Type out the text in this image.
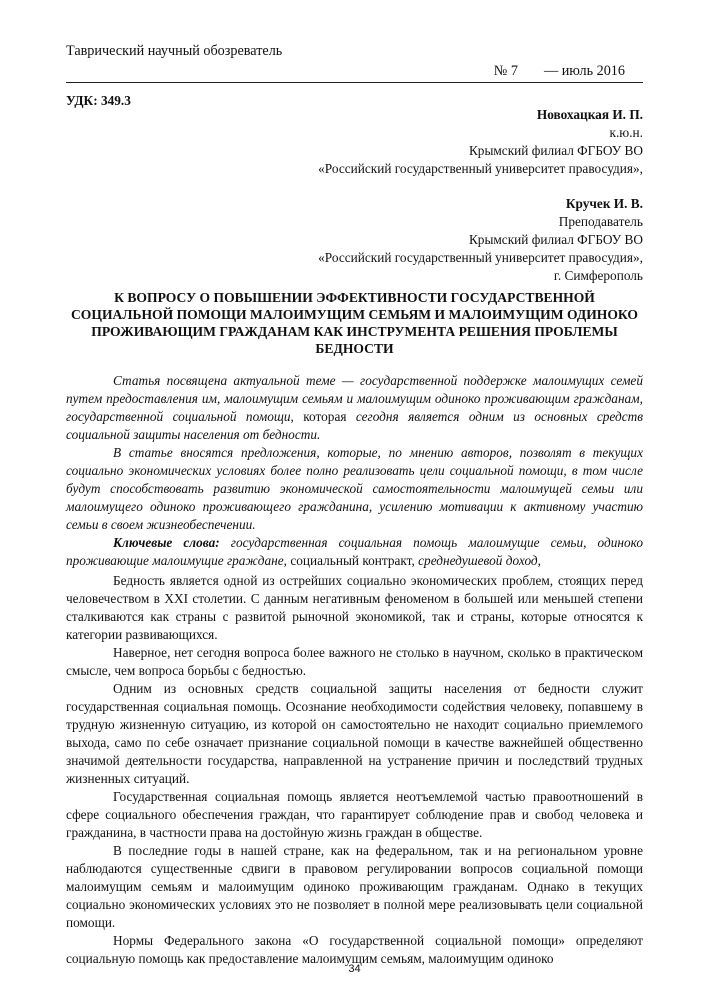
Таврический научный обозреватель
№ 7 — июль 2016
УДК: 349.3
Новохацкая И. П.
к.ю.н.
Крымский филиал ФГБОУ ВО
«Российский государственный университет правосудия»,
Кручек И. В.
Преподаватель
Крымский филиал ФГБОУ ВО
«Российский государственный университет правосудия»,
г. Симферополь
К ВОПРОСУ О ПОВЫШЕНИИ ЭФФЕКТИВНОСТИ ГОСУДАРСТВЕННОЙ СОЦИАЛЬНОЙ ПОМОЩИ МАЛОИМУЩИМ СЕМЬЯМ И МАЛОИМУЩИМ ОДИНОКО ПРОЖИВАЮЩИМ ГРАЖДАНАМ КАК ИНСТРУМЕНТА РЕШЕНИЯ ПРОБЛЕМЫ БЕДНОСТИ

Статья посвящена актуальной теме — государственной поддержке малоимущих семей путем предоставления им, малоимущим семьям и малоимущим одиноко проживающим гражданам, государственной социальной помощи, которая сегодня является одним из основных средств социальной защиты населения от бедности.

В статье вносятся предложения, которые, по мнению авторов, позволят в текущих социально экономических условиях более полно реализовать цели социальной помощи, в том числе будут способствовать развитию экономической самостоятельности малоимущей семьи или малоимущего одиноко проживающего гражданина, усилению мотивации к активному участию семьи в своем жизнеобеспечении.

Ключевые слова: государственная социальная помощь малоимущие семьи, одиноко проживающие малоимущие граждане, социальный контракт, среднедушевой доход,

Бедность является одной из острейших социально экономических проблем, стоящих перед человечеством в XXI столетии. С данным негативным феноменом в большей или меньшей степени сталкиваются как страны с развитой рыночной экономикой, так и страны, которые относятся к категории развивающихся.

Наверное, нет сегодня вопроса более важного не столько в научном, сколько в практическом смысле, чем вопроса борьбы с бедностью.

Одним из основных средств социальной защиты населения от бедности служит государственная социальная помощь. Осознание необходимости содействия человеку, попавшему в трудную жизненную ситуацию, из которой он самостоятельно не находит социально приемлемого выхода, само по себе означает признание социальной помощи в качестве важнейшей общественно значимой деятельности государства, направленной на устранение причин и последствий трудных жизненных ситуаций.

Государственная социальная помощь является неотъемлемой частью правоотношений в сфере социального обеспечения граждан, что гарантирует соблюдение прав и свобод человека и гражданина, в частности права на достойную жизнь граждан в обществе.

В последние годы в нашей стране, как на федеральном, так и на региональном уровне наблюдаются существенные сдвиги в правовом регулировании вопросов социальной помощи малоимущим семьям и малоимущим одиноко проживающим гражданам. Однако в текущих социально экономических условиях это не позволяет в полной мере реализовывать цели социальной помощи.

Нормы Федерального закона «О государственной социальной помощи» определяют социальную помощь как предоставление малоимущим семьям, малоимущим одиноко

34
